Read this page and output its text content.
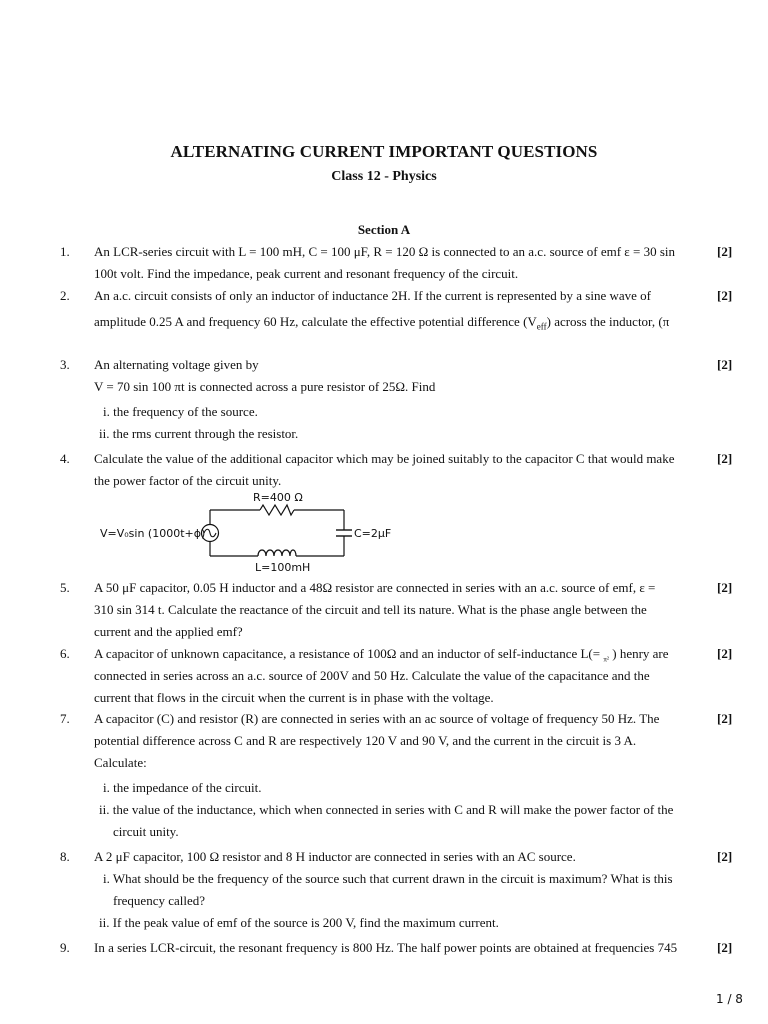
ALTERNATING CURRENT IMPORTANT QUESTIONS
Class 12 - Physics
Section A
1. An LCR-series circuit with L = 100 mH, C = 100 μF, R = 120 Ω is connected to an a.c. source of emf ε = 30 sin
100t volt. Find the impedance, peak current and resonant frequency of the circuit.
[2]
2. An a.c. circuit consists of only an inductor of inductance 2H. If the current is represented by a sine wave of
amplitude 0.25 A and frequency 60 Hz, calculate the effective potential difference $(V_{eff})$ across the inductor, (π
[2]
3. An alternating voltage given by
V = 70 sin 100 πt is connected across a pure resistor of 25Ω. Find
i. the frequency of the source.
ii. the rms current through the resistor.
[2]
4. Calculate the value of the additional capacitor which may be joined suitably to the capacitor C that would make
the power factor of the circuit unity.
[2]
R=400 Ω
V=V₀sin (1000t+ϕ)	C=2μF
L=100mH
5. A 50 μF capacitor, 0.05 H inductor and a 48Ω resistor are connected in series with an a.c. source of emf, ε =
310 sin 314 t. Calculate the reactance of the circuit and tell its nature. What is the phase angle between the
current and the applied emf?
[2]
6. A capacitor of unknown capacitance, a resistance of 100Ω and an inductor of self-inductance L(= $_{\pi^2}$ ) henry are
connected in series across an a.c. source of 200V and 50 Hz. Calculate the value of the capacitance and the
current that flows in the circuit when the current is in phase with the voltage.
[2]
7. A capacitor (C) and resistor (R) are connected in series with an ac source of voltage of frequency 50 Hz. The
potential difference across C and R are respectively 120 V and 90 V, and the current in the circuit is 3 A.
Calculate:
i. the impedance of the circuit.
ii. the value of the inductance, which when connected in series with C and R will make the power factor of the
circuit unity.
[2]
8. A 2 μF capacitor, 100 Ω resistor and 8 H inductor are connected in series with an AC source.
i. What should be the frequency of the source such that current drawn in the circuit is maximum? What is this
frequency called?
ii. If the peak value of emf of the source is 200 V, find the maximum current.
[2]
9. In a series LCR-circuit, the resonant frequency is 800 Hz. The half power points are obtained at frequencies 745	[2]
1 / 8
